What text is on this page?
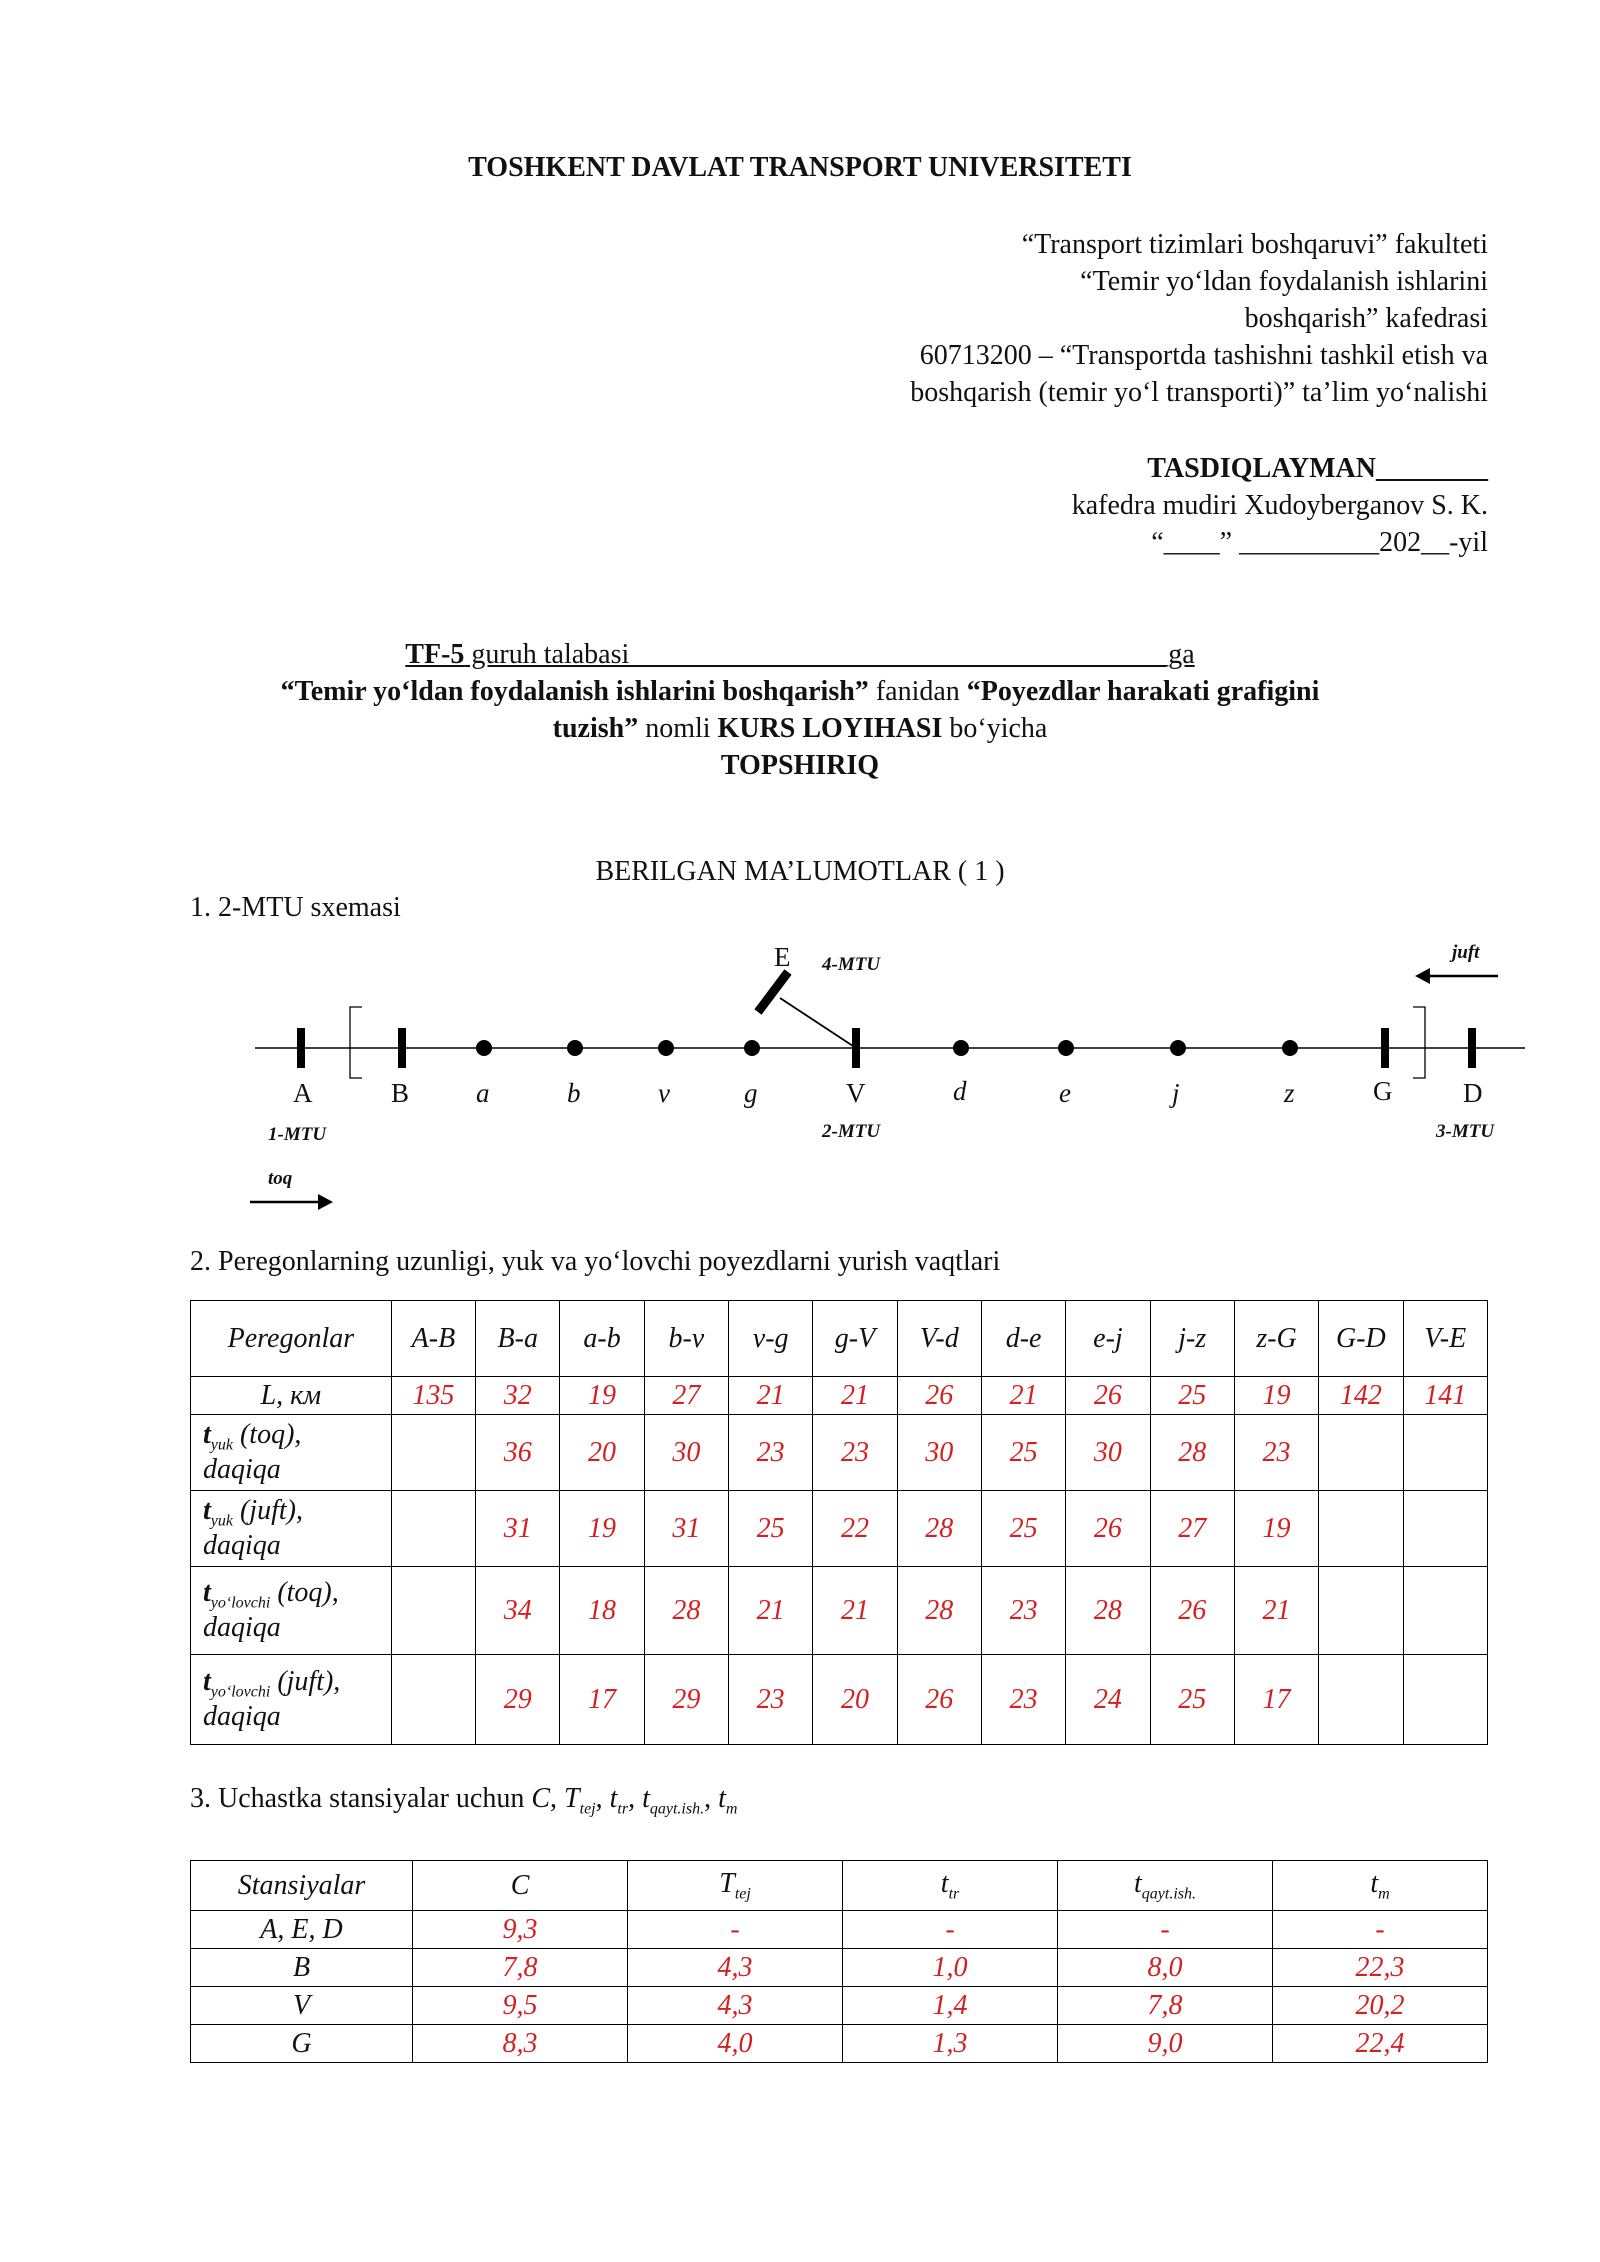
TOSHKENT DAVLAT TRANSPORT UNIVERSITETI
“Transport tizimlari boshqaruvi” fakulteti
“Temir yo‘ldan foydalanish ishlarini
boshqarish” kafedrasi
60713200 – “Transportda tashishni tashkil etish va
boshqarish (temir yo‘l transporti)” ta’lim yo‘nalishi
TASDIQLAYMAN________
kafedra mudiri Xudoyberganov S. K.
“____” __________202__-yil
TF-5 guruh talabasi ______________________________________ga
“Temir yo‘ldan foydalanish ishlarini boshqarish” fanidan “Poyezdlar harakati grafigini
tuzish” nomli KURS LOYIHASI bo‘yicha
TOPSHIRIQ
BERILGAN MA’LUMOTLAR ( 1 )
1. 2-MTU sxemasi
A	B a	b	v	g	V	d	e	j	z	G	D
E
1-MTU	2-MTU	3-MTU
4-MTU
toq
juft
2. Peregonlarning uzunligi, yuk va yo‘lovchi poyezdlarni yurish vaqtlari
Peregonlar	A-B	B-a	a-b	b-v	v-g	g-V	V-d	d-e	e-j	j-z	z-G	G-D	V-E
L, км	135	32	19	27	21	21	26	21	26	25	19	142	141
$t_{yuk}$ (toq),
daqiqa		36	20	30	23	23	30	25	30	28	23		
$t_{yuk}$ (juft),
daqiqa		31	19	31	25	22	28	25	26	27	19		
$t_{yo‘lovchi}$ (toq),
daqiqa		34	18	28	21	21	28	23	28	26	21		
$t_{yo‘lovchi}$ (juft),
daqiqa		29	17	29	23	20	26	23	24	25	17		
3. Uchastka stansiyalar uchun C, $T_{tej}$, $t_{tr}$, $t_{qayt.ish.}$, $t_m$
Stansiyalar	C	$T_{tej}$	$t_{tr}$	$t_{qayt.ish.}$	$t_m$
A, E, D	9,3	-	-	-	-
B	7,8	4,3	1,0	8,0	22,3
V	9,5	4,3	1,4	7,8	20,2
G	8,3	4,0	1,3	9,0	22,4
